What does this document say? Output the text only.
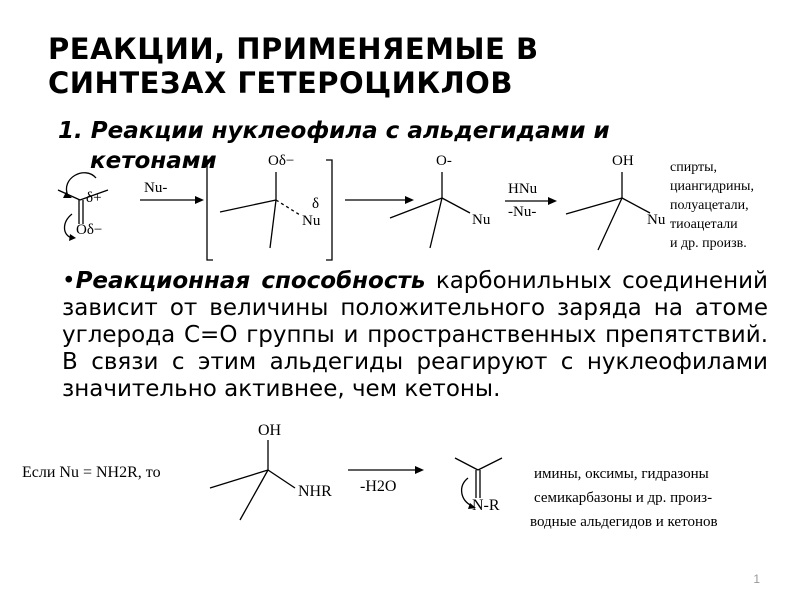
РЕАКЦИИ, ПРИМЕНЯЕМЫЕ В
СИНТЕЗАХ ГЕТЕРОЦИКЛОВ
1. Реакции нуклеофила с альдегидами и
кетонами
δ+
Oδ−
Nu-
Oδ−
δ
Nu
O-
Nu
HNu
-Nu-
OH
Nu
спирты,
циангидрины,
полуацетали,
тиоацетали
и др. произв.
•Реакционная способность карбонильных соединений зависит от величины положительного заряда на атоме углерода С=О группы и пространственных препятствий. В связи с этим альдегиды реагируют с нуклеофилами значительно активнее, чем кетоны.
Если Nu = NH2R, то
OH
NHR -H2O
N-R
имины, оксимы, гидразоны
семикарбазоны и др. произ-
водные альдегидов и кетонов
1
